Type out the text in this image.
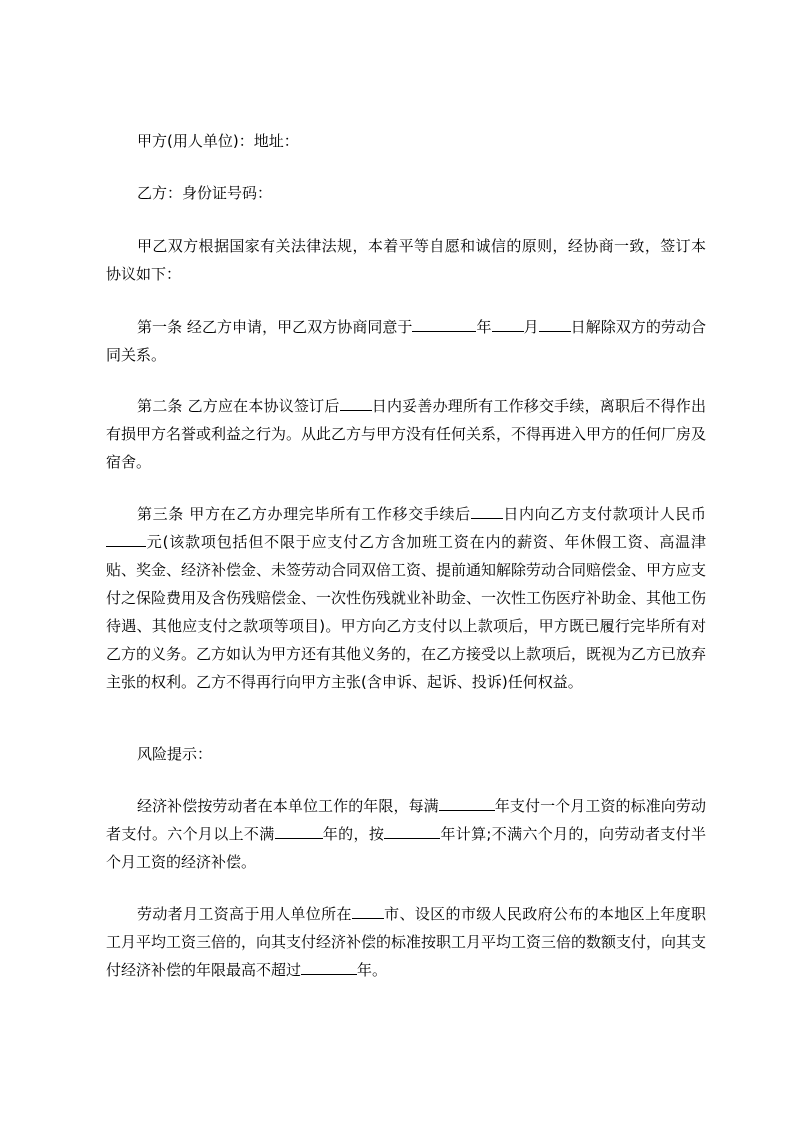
甲方(用人单位)：地址：

乙方：身份证号码：

甲乙双方根据国家有关法律法规，本着平等自愿和诚信的原则，经协商一致，签订本协议如下：

第一条 经乙方申请，甲乙双方协商同意于	年 月 日解除双方的劳动合同关系。

第二条 乙方应在本协议签订后 日内妥善办理所有工作移交手续，离职后不得作出有损甲方名誉或利益之行为。从此乙方与甲方没有任何关系，不得再进入甲方的任何厂房及宿舍。

第三条 甲方在乙方办理完毕所有工作移交手续后 日内向乙方支付款项计人民币元(该款项包括但不限于应支付乙方含加班工资在内的薪资、年休假工资、高温津贴、奖金、经济补偿金、未签劳动合同双倍工资、提前通知解除劳动合同赔偿金、甲方应支付之保险费用及含伤残赔偿金、一次性伤残就业补助金、一次性工伤医疗补助金、其他工伤待遇、其他应支付之款项等项目)。甲方向乙方支付以上款项后，甲方既已履行完毕所有对乙方的义务。乙方如认为甲方还有其他义务的，在乙方接受以上款项后，既视为乙方已放弃主张的权利。乙方不得再行向甲方主张(含申诉、起诉、投诉)任何权益。

风险提示：

经济补偿按劳动者在本单位工作的年限，每满	年支付一个月工资的标准向劳动者支付。六个月以上不满	年的，按	年计算;不满六个月的，向劳动者支付半个月工资的经济补偿。

劳动者月工资高于用人单位所在 市、设区的市级人民政府公布的本地区上年度职工月平均工资三倍的，向其支付经济补偿的标准按职工月平均工资三倍的数额支付，向其支付经济补偿的年限最高不超过	年。
